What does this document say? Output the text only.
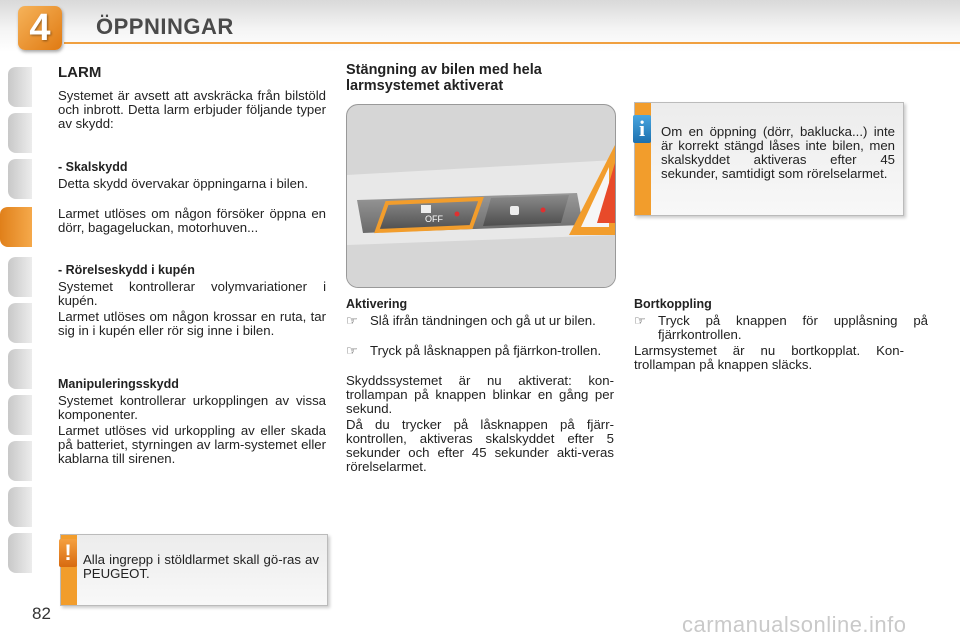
4	ÖPPNINGAR
LARM
Systemet är avsett att avskräcka från bilstöld och inbrott. Detta larm erbjuder följande typer av skydd:
- Skalskydd
Detta skydd övervakar öppningarna i bilen.
Larmet utlöses om någon försöker öppna en dörr, bagageluckan, motorhuven...
- Rörelseskydd i kupén
Systemet kontrollerar volymvariationer i kupén.
Larmet utlöses om någon krossar en ruta, tar sig in i kupén eller rör sig inne i bilen.
Manipuleringsskydd
Systemet kontrollerar urkopplingen av vissa komponenter.
Larmet utlöses vid urkoppling av eller skada på batteriet, styrningen av larm-systemet eller kablarna till sirenen.
! Alla ingrepp i stöldlarmet skall gö-ras av PEUGEOT.
Stängning av bilen med hela larmsystemet aktiverat
OFF
Aktivering
☞ Slå ifrån tändningen och gå ut ur bilen.
☞ Tryck på låsknappen på fjärrkon-trollen.
Skyddssystemet är nu aktiverat: kon-trollampan på knappen blinkar en gång per sekund.
Då du trycker på låsknappen på fjärr-kontrollen, aktiveras skalskyddet efter 5 sekunder och efter 45 sekunder akti-veras rörelselarmet.
i	Om en öppning (dörr, baklucka...) inte är korrekt stängd låses inte bilen, men skalskyddet aktiveras efter 45 sekunder, samtidigt som rörelselarmet.
Bortkoppling
☞ Tryck på knappen för upplåsning på fjärrkontrollen.
Larmsystemet är nu bortkopplat. Kon-trollampan på knappen släcks.
82	carmanualsonline.info
